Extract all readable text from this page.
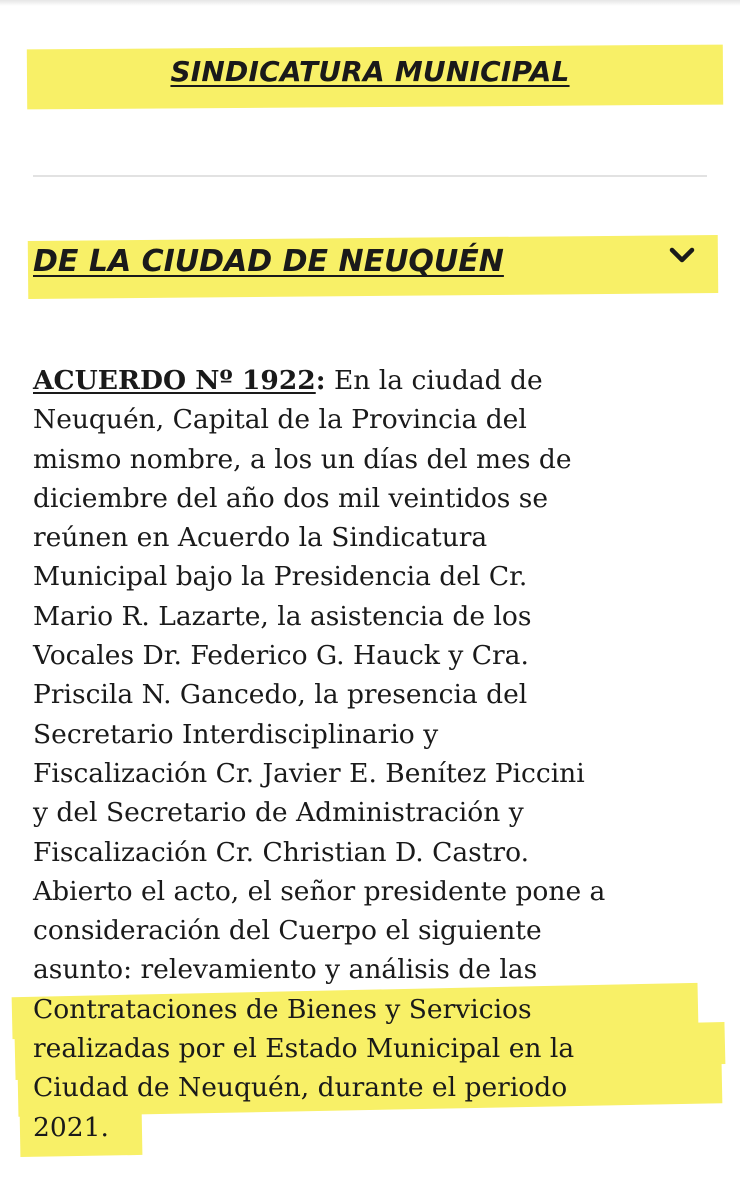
SINDICATURA MUNICIPAL
DE LA CIUDAD DE NEUQUÉN
ACUERDO Nº 1922: En la ciudad de
Neuquén, Capital de la Provincia del
mismo nombre, a los un días del mes de
diciembre del año dos mil veintidos se
reúnen en Acuerdo la Sindicatura
Municipal bajo la Presidencia del Cr.
Mario R. Lazarte, la asistencia de los
Vocales Dr. Federico G. Hauck y Cra.
Priscila N. Gancedo, la presencia del
Secretario Interdisciplinario y
Fiscalización Cr. Javier E. Benítez Piccini
y del Secretario de Administración y
Fiscalización Cr. Christian D. Castro.
Abierto el acto, el señor presidente pone a
consideración del Cuerpo el siguiente
asunto: relevamiento y análisis de las
Contrataciones de Bienes y Servicios
realizadas por el Estado Municipal en la
Ciudad de Neuquén, durante el periodo
2021.
